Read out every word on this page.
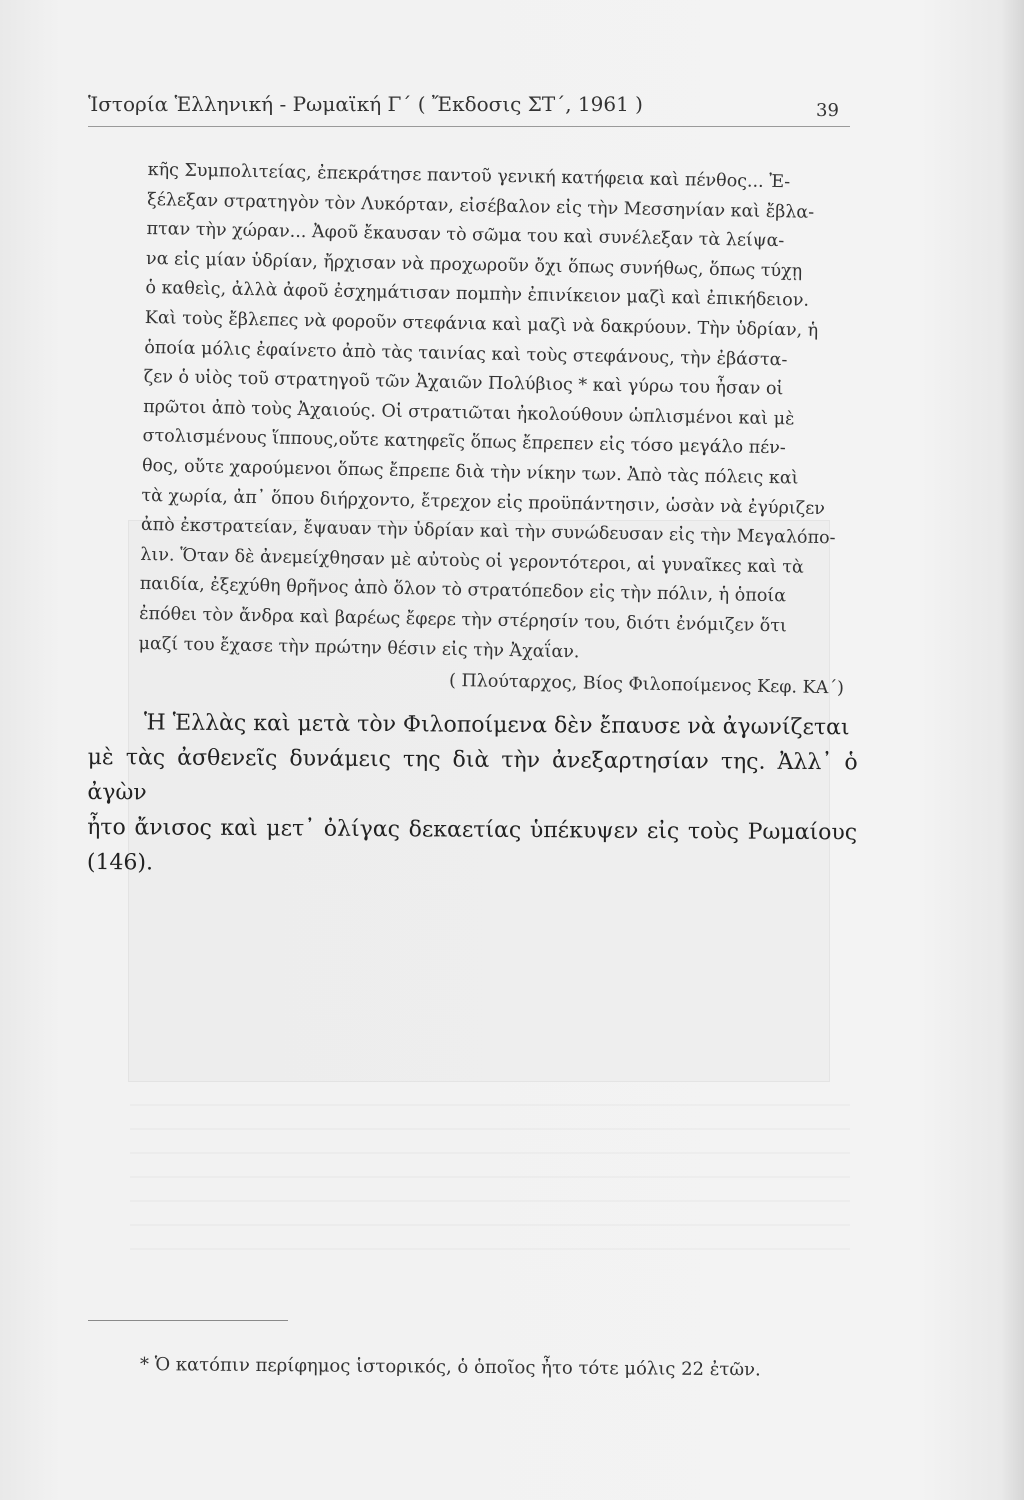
Ἱστορία Ἑλληνική - Ρωμαϊκή Γ΄ ( Ἔκδοσις ΣΤ΄, 1961 )	39

κῆς Συμπολιτείας, ἐπεκράτησε παντοῦ γενική κατήφεια καὶ πένθος... Ἐ-

ξέλεξαν στρατηγὸν τὸν Λυκόρταν, εἰσέβαλον εἰς τὴν Μεσσηνίαν καὶ ἔβλα-

πταν τὴν χώραν... Ἀφοῦ ἔκαυσαν τὸ σῶμα του καὶ συνέλεξαν τὰ λείψα-

να εἰς μίαν ὑδρίαν, ἤρχισαν νὰ προχωροῦν ὄχι ὅπως συνήθως, ὅπως τύχῃ

ὁ καθεὶς, ἀλλὰ ἀφοῦ ἐσχημάτισαν πομπὴν ἐπινίκειον μαζὶ καὶ ἐπικήδειον.

Καὶ τοὺς ἔβλεπες νὰ φοροῦν στεφάνια καὶ μαζὶ νὰ δακρύουν. Τὴν ὑδρίαν, ἡ

ὁποία μόλις ἐφαίνετο ἀπὸ τὰς ταινίας καὶ τοὺς στεφάνους, τὴν ἐβάστα-

ζεν ὁ υἱὸς τοῦ στρατηγοῦ τῶν Ἀχαιῶν Πολύβιος * καὶ γύρω του ἦσαν οἱ

πρῶτοι ἀπὸ τοὺς Ἀχαιούς. Οἱ στρατιῶται ἠκολούθουν ὡπλισμένοι καὶ μὲ

στολισμένους ἵππους,οὔτε κατηφεῖς ὅπως ἔπρεπεν εἰς τόσο μεγάλο πέν-

θος, οὔτε χαρούμενοι ὅπως ἔπρεπε διὰ τὴν νίκην των. Ἀπὸ τὰς πόλεις καὶ

τὰ χωρία, ἀπ᾽ ὅπου διήρχοντο, ἔτρεχον εἰς προϋπάντησιν, ὡσὰν νὰ ἐγύριζεν

ἀπὸ ἐκστρατείαν, ἔψαυαν τὴν ὑδρίαν καὶ τὴν συνώδευσαν εἰς τὴν Μεγαλόπο-

λιν. Ὅταν δὲ ἀνεμείχθησαν μὲ αὐτοὺς οἱ γεροντότεροι, αἱ γυναῖκες καὶ τὰ

παιδία, ἐξεχύθη θρῆνος ἀπὸ ὅλον τὸ στρατόπεδον εἰς τὴν πόλιν, ἡ ὁποία

ἐπόθει τὸν ἄνδρα καὶ βαρέως ἔφερε τὴν στέρησίν του, διότι ἐνόμιζεν ὅτι

μαζί του ἔχασε τὴν πρώτην θέσιν εἰς τὴν Ἀχαΐαν.

( Πλούταρχος, Βίος Φιλοποίμενος Κεφ. ΚΑ΄)

Ἡ Ἑλλὰς καὶ μετὰ τὸν Φιλοποίμενα δὲν ἔπαυσε νὰ ἀγωνίζεται

μὲ τὰς ἀσθενεῖς δυνάμεις της διὰ τὴν ἀνεξαρτησίαν της. Ἀλλ᾽ ὁ ἀγὼν

ἦτο ἄνισος καὶ μετ᾽ ὀλίγας δεκαετίας ὑπέκυψεν εἰς τοὺς Ρωμαίους (146).

* Ὁ κατόπιν περίφημος ἱστορικός, ὁ ὁποῖος ἦτο τότε μόλις 22 ἐτῶν.
